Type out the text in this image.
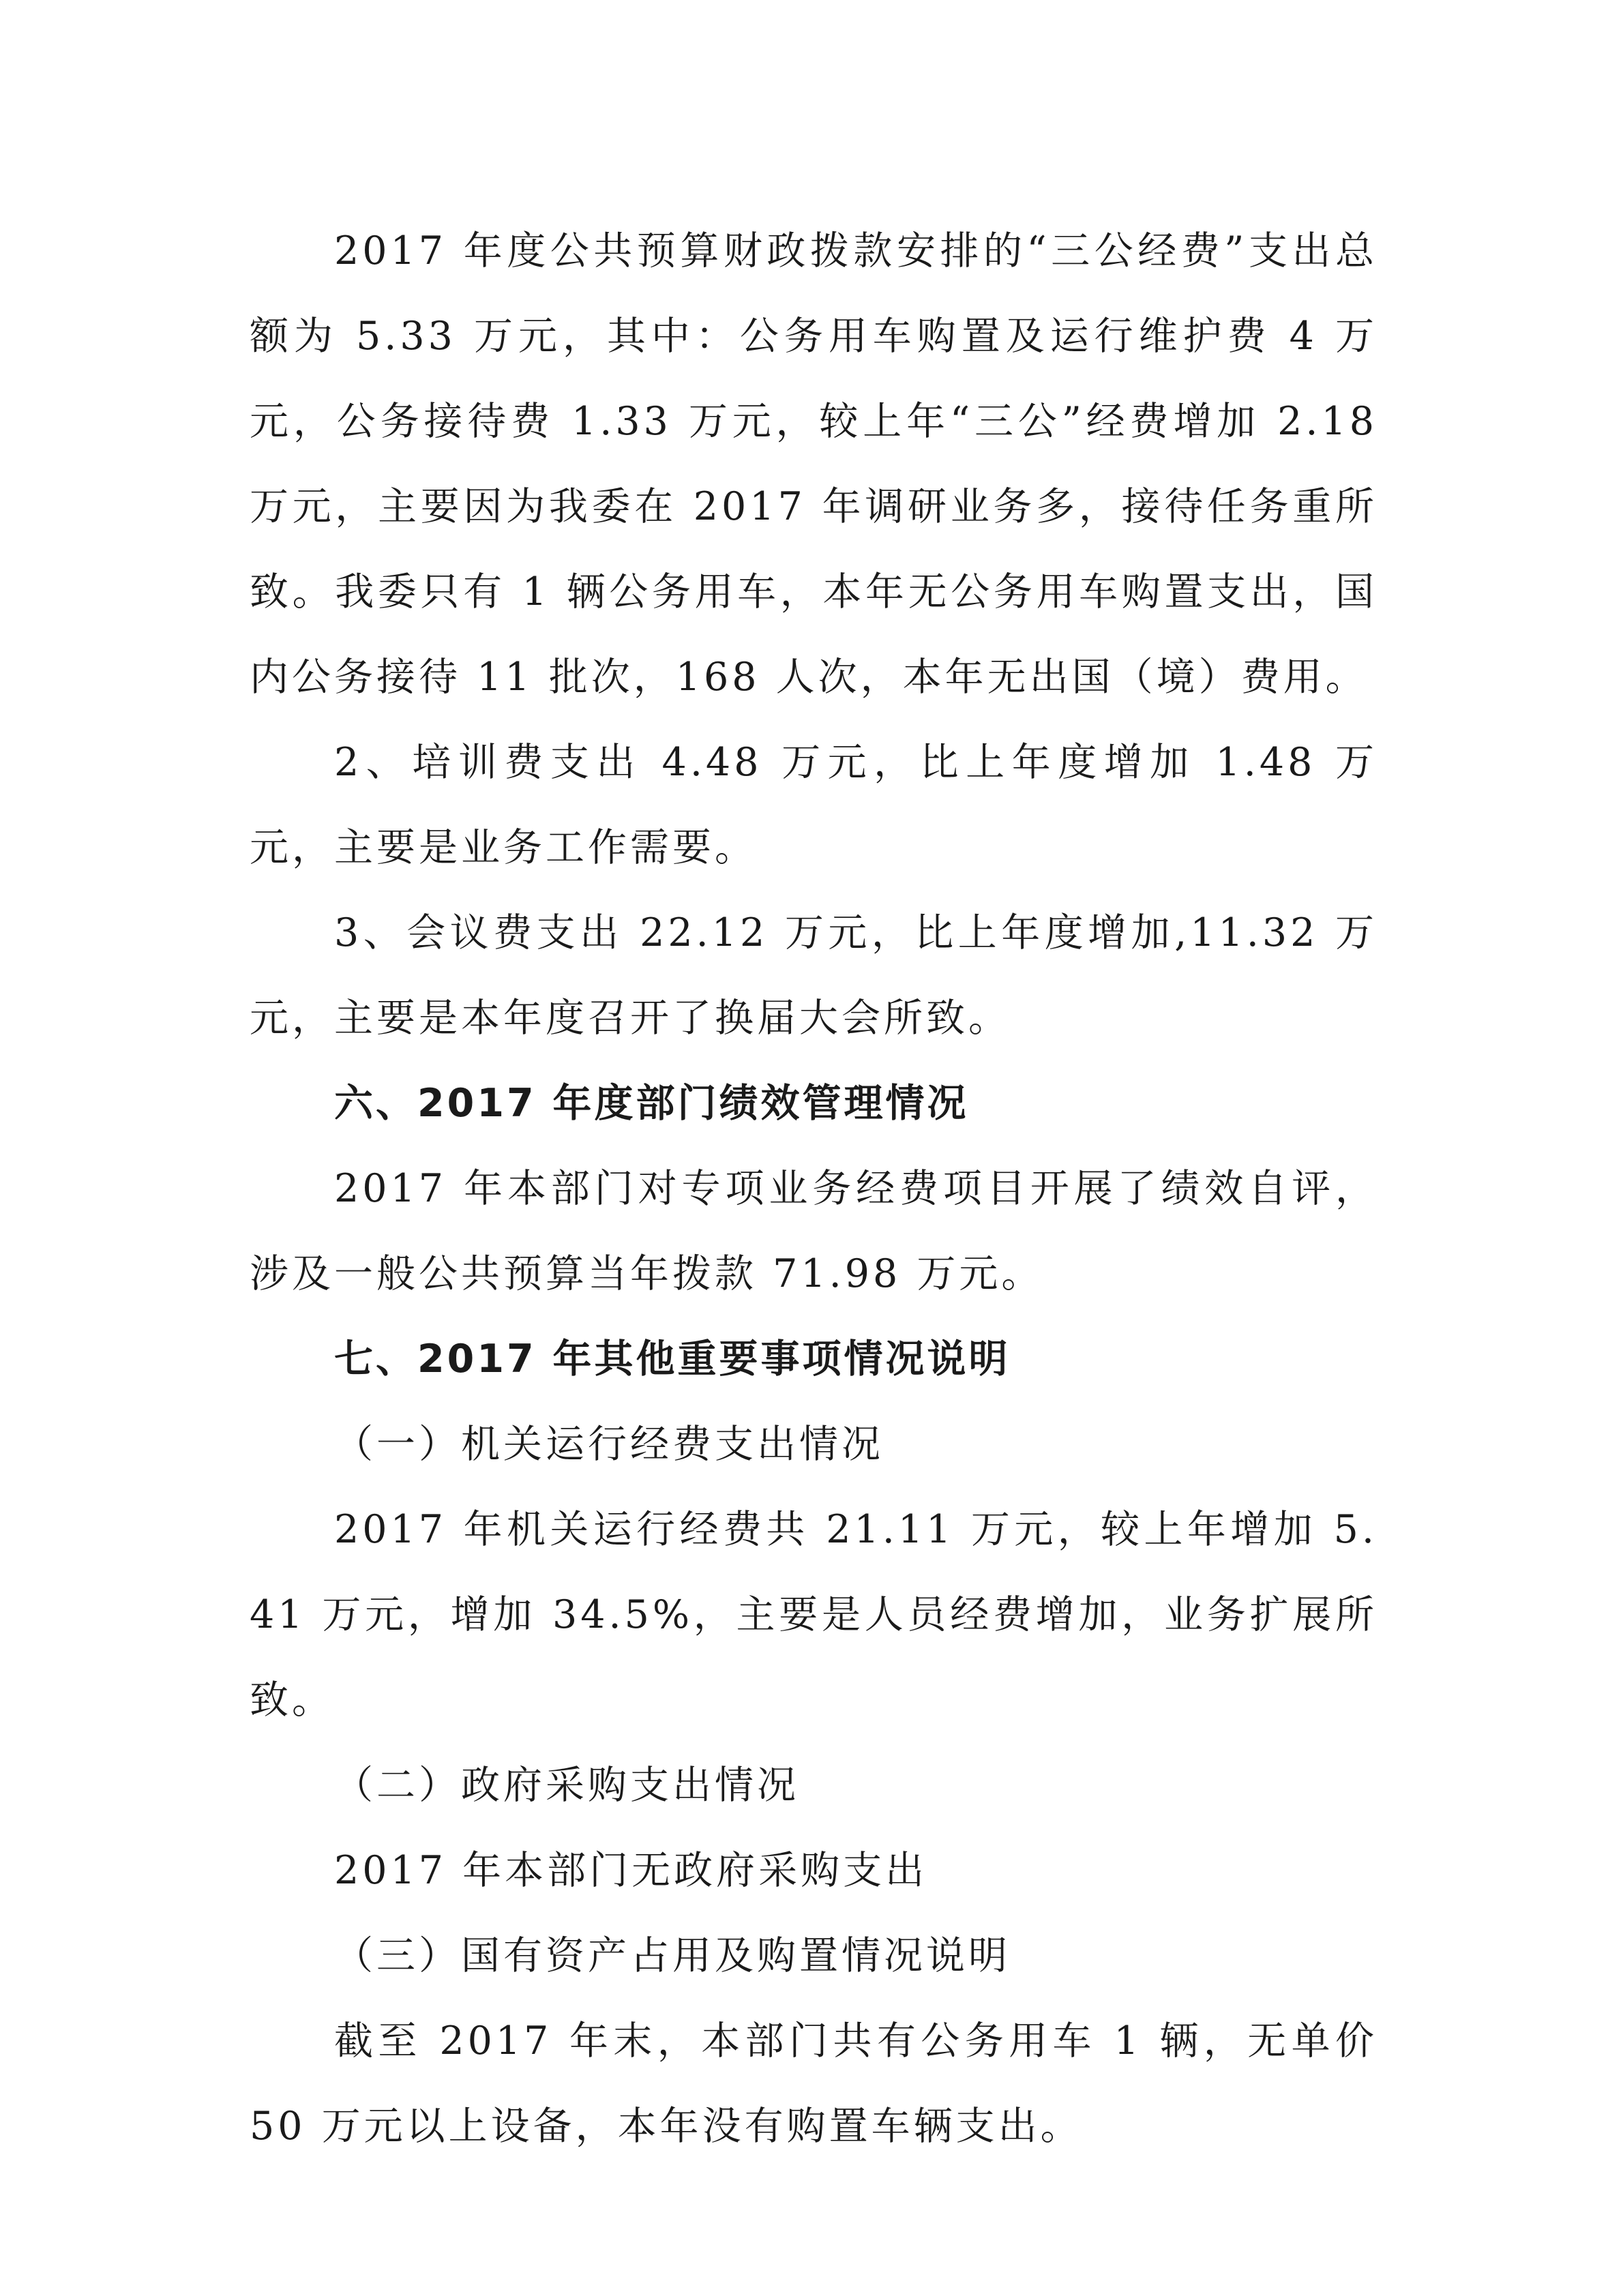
2017 年度公共预算财政拨款安排的“三公经费”支出总额为 5.33 万元，其中：公务用车购置及运行维护费 4 万元，公务接待费 1.33 万元，较上年“三公”经费增加 2.18 万元，主要因为我委在 2017 年调研业务多，接待任务重所致。我委只有 1 辆公务用车，本年无公务用车购置支出，国内公务接待 11 批次，168 人次，本年无出国（境）费用。

2、培训费支出 4.48 万元，比上年度增加 1.48 万元，主要是业务工作需要。

3、会议费支出 22.12 万元，比上年度增加,11.32 万元，主要是本年度召开了换届大会所致。

六、2017 年度部门绩效管理情况

2017 年本部门对专项业务经费项目开展了绩效自评，涉及一般公共预算当年拨款 71.98 万元。

七、2017 年其他重要事项情况说明

（一）机关运行经费支出情况

2017 年机关运行经费共 21.11 万元，较上年增加 5.41 万元，增加 34.5%，主要是人员经费增加，业务扩展所致。

（二）政府采购支出情况

2017 年本部门无政府采购支出

（三）国有资产占用及购置情况说明

截至 2017 年末，本部门共有公务用车 1 辆，无单价 50 万元以上设备，本年没有购置车辆支出。
